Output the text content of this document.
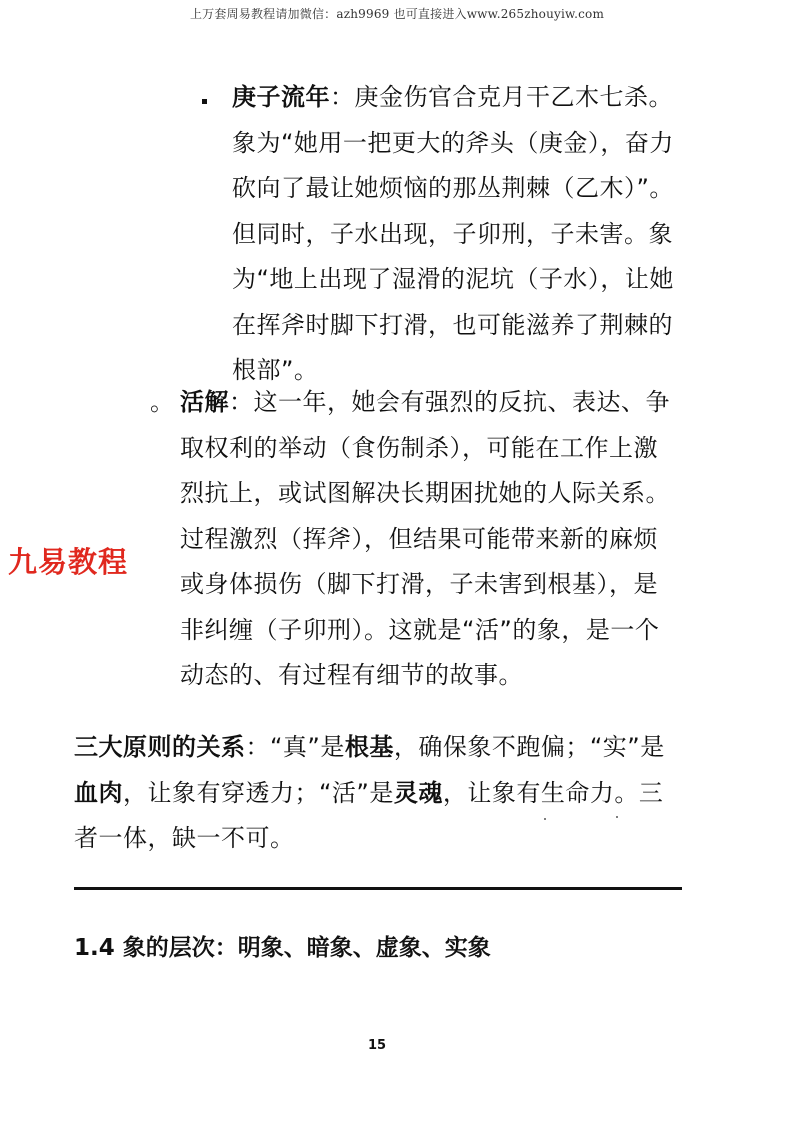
上万套周易教程请加微信：azh9969 也可直接进入www.265zhouyiw.com
庚子流年：庚金伤官合克月干乙木七杀。象为“她用一把更大的斧头（庚金），奋力砍向了最让她烦恼的那丛荆棘（乙木）”。但同时，子水出现，子卯刑，子未害。象为“地上出现了湿滑的泥坑（子水），让她在挥斧时脚下打滑，也可能滋养了荆棘的根部”。
。 活解：这一年，她会有强烈的反抗、表达、争取权利的举动（食伤制杀），可能在工作上激烈抗上，或试图解决长期困扰她的人际关系。过程激烈（挥斧），但结果可能带来新的麻烦或身体损伤（脚下打滑，子未害到根基），是非纠缠（子卯刑）。这就是“活”的象，是一个动态的、有过程有细节的故事。
九易教程
三大原则的关系：“真”是根基，确保象不跑偏；“实”是血肉，让象有穿透力；“活”是灵魂，让象有生命力。三者一体，缺一不可。
1.4 象的层次：明象、暗象、虚象、实象
15
